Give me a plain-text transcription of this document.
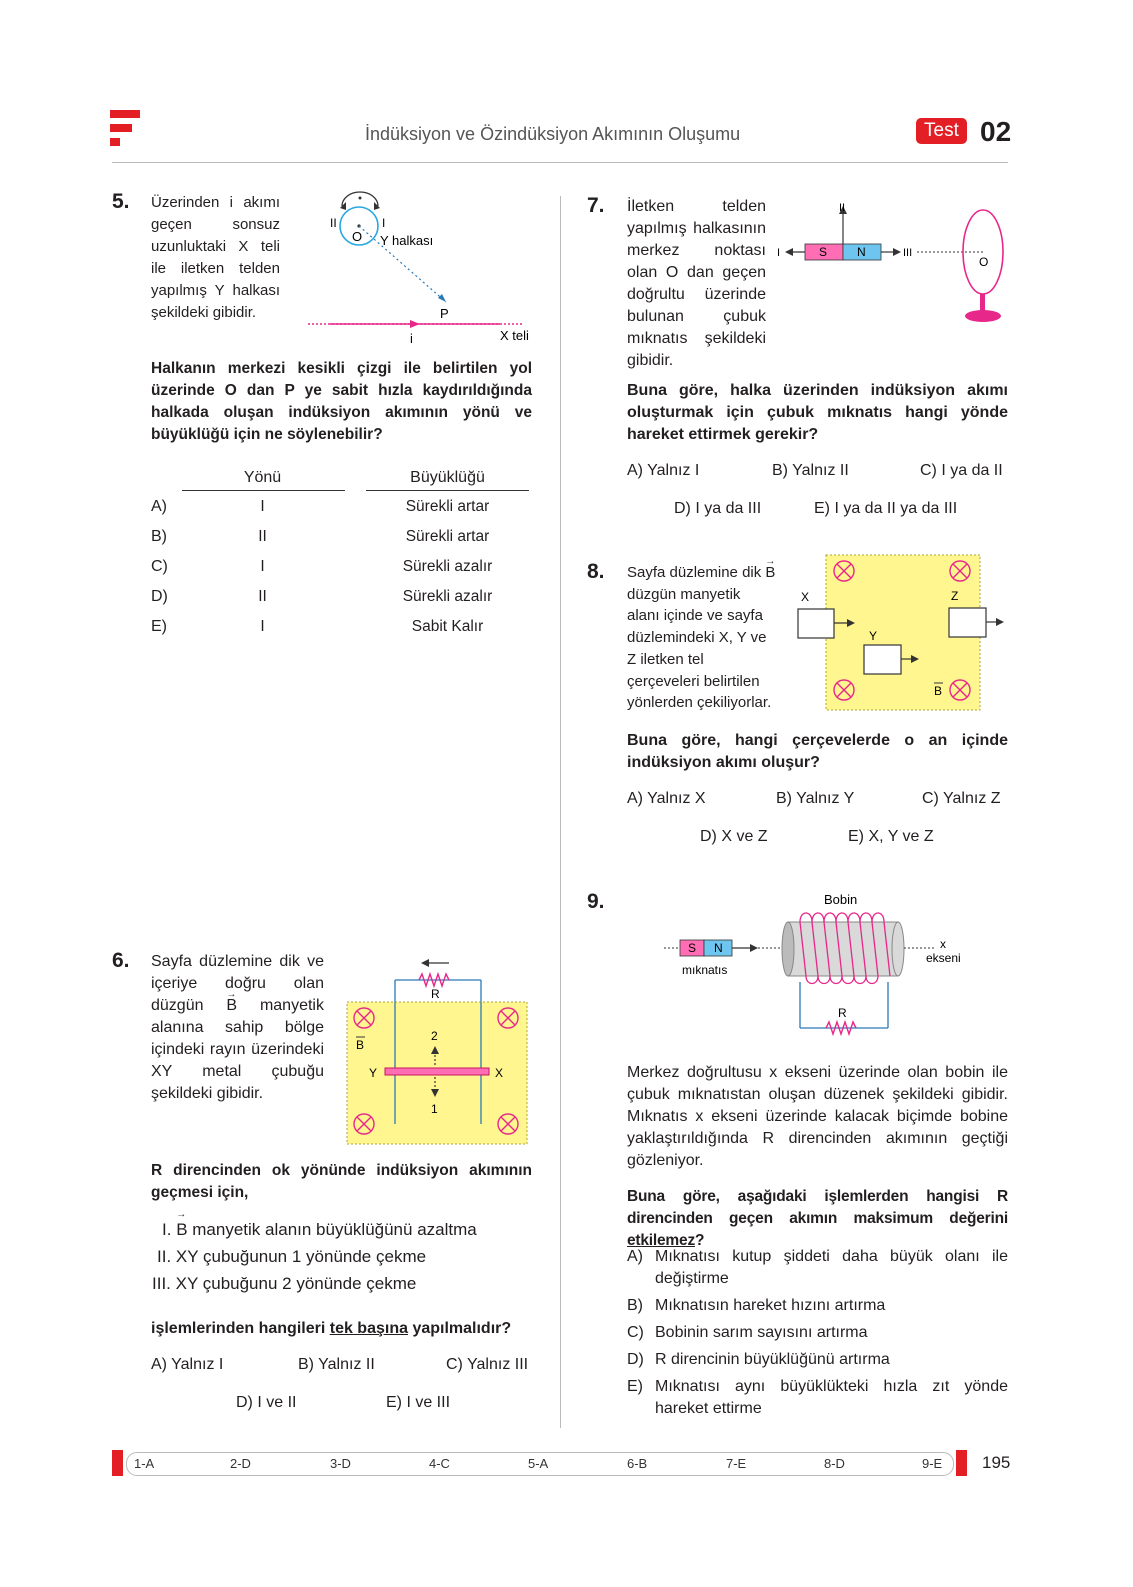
İndüksiyon ve Özindüksiyon Akımının Oluşumu	Test 02
5. Üzerinden i akımı geçen sonsuz uzunluktaki X teli ile iletken telden yapılmış Y halkası şekildeki gibidir.
II	I
O Y halkası
P
i	X teli
Halkanın merkezi kesikli çizgi ile belirtilen yol üzerinde O dan P ye sabit hızla kaydırıldığında halkada oluşan indüksiyon akımının yönü ve büyüklüğü için ne söylenebilir?
Yönü	Büyüklüğü
A)	I	Sürekli artar
B)	II	Sürekli artar
C)	I	Sürekli azalır
D)	II	Sürekli azalır
E)	I	Sabit Kalır
6. Sayfa düzlemine dik ve içeriye doğru olan düzgün → B manyetik alanına sahip bölge içindeki rayın üzerindeki XY metal çubuğu şekildeki gibidir.
R
B
2
1
Y	X
R direncinden ok yönünde indüksiyon akımının geçmesi için,
I. → B manyetik alanın büyüklüğünü azaltma
II. XY çubuğunun 1 yönünde çekme
III. XY çubuğunu 2 yönünde çekme
işlemlerinden hangileri tek başına yapılmalıdır?
A) Yalnız I	B) Yalnız II	C) Yalnız III
D) I ve II	E) I ve III
7. İletken telden yapılmış halkasının merkez noktası olan O dan geçen doğrultu üzerinde bulunan çubuk mıknatıs şekildeki gibidir.
II
S N
I	III
O
Buna göre, halka üzerinden indüksiyon akımı oluşturmak için çubuk mıknatıs hangi yönde hareket ettirmek gerekir?
A) Yalnız I	B) Yalnız II	C) I ya da II
D) I ya da III	E) I ya da II ya da III
8. Sayfa düzlemine dik → B düzgün manyetik alanı içinde ve sayfa düzlemindeki X, Y ve Z iletken tel çerçeveleri belirtilen yönlerden çekiliyorlar.
X
Y
Z
B
Buna göre, hangi çerçevelerde o an içinde indüksiyon akımı oluşur?
A) Yalnız X	B) Yalnız Y	C) Yalnız Z
D) X ve Z	E) X, Y ve Z
9.	Bobin
S N
mıknatıs
x
ekseni
R
Merkez doğrultusu x ekseni üzerinde olan bobin ile çubuk mıknatıstan oluşan düzenek şekildeki gibidir. Mıknatıs x ekseni üzerinde kalacak biçimde bobine yaklaştırıldığında R direncinden akımının geçtiği gözleniyor.
Buna göre, aşağıdaki işlemlerden hangisi R direncinden geçen akımın maksimum değerini etkilemez?
A) Mıknatısı kutup şiddeti daha büyük olanı ile değiştirme
B) Mıknatısın hareket hızını artırma
C) Bobinin sarım sayısını artırma
D) R direncinin büyüklüğünü artırma
E) Mıknatısı aynı büyüklükteki hızla zıt yönde hareket ettirme
1-A	2-D	3-D	4-C	5-A	6-B	7-E	8-D	9-E 195
